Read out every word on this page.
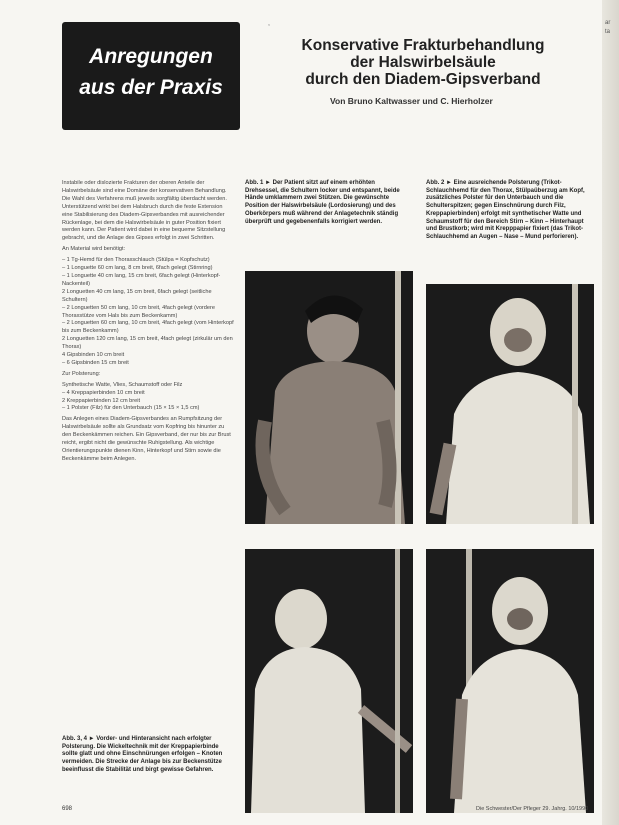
Anregungen
aus der Praxis
,
Konservative Frakturbehandlung
der Halswirbelsäule
durch den Diadem-Gipsverband
Von Bruno Kaltwasser und C. Hierholzer
ar
ta

Instabile oder dislozierte Frakturen der oberen Anteile der Halswirbelsäule sind eine Domäne der konservativen Behandlung. Die Wahl des Verfahrens muß jeweils sorgfältig überdacht werden. Unterstützend wirkt bei dem Halsbruch durch die feste Extension eine Stabilisierung des Diadem-Gipsverbandes mit ausreichender Rückenlage, bei dem die Halswirbelsäule in guter Position fixiert werden kann. Der Patient wird dabei in eine bequeme Sitzstellung gebracht, und die Anlage des Gipses erfolgt in zwei Schritten.

An Material wird benötigt:

– 1 Tg-Hemd für den Thoraxschlauch (Stülpa = Kopfschutz)
– 1 Longuette 60 cm lang, 8 cm breit, 6fach gelegt (Stirnring)
– 1 Longuette 40 cm lang, 15 cm breit, 6fach gelegt (Hinterkopf-Nackenteil)
2 Longuetten 40 cm lang, 15 cm breit, 6fach gelegt (seitliche Schultern)
– 2 Longuetten 50 cm lang, 10 cm breit, 4fach gelegt (vordere Thoraxstütze vom Hals bis zum Beckenkamm)
– 2 Longuetten 60 cm lang, 10 cm breit, 4fach gelegt (vom Hinterkopf bis zum Beckenkamm)
2 Longuetten 120 cm lang, 15 cm breit, 4fach gelegt (zirkulär um den Thorax)
4 Gipsbinden 10 cm breit
– 6 Gipsbinden 15 cm breit

Zur Polsterung:

Synthetische Watte, Vlies, Schaumstoff oder Filz
– 4 Kreppapierbinden 10 cm breit
2 Kreppapierbinden 12 cm breit
– 1 Polster (Filz) für den Unterbauch (15 × 15 × 1,5 cm)

Das Anlegen eines Diadem-Gipsverbandes an Rumpfsitzung der Halswirbelsäule sollte als Grundsatz vom Kopfring bis hinunter zu den Beckenkämmen reichen. Ein Gipsverband, der nur bis zur Brust reicht, ergibt nicht die gewünschte Ruhigstellung. Als wichtige Orientierungspunkte dienen Kinn, Hinterkopf und Stirn sowie die Beckenkämme beim Anlegen.

Abb. 1 ► Der Patient sitzt auf einem erhöhten Drehsessel, die Schultern locker und entspannt, beide Hände umklammern zwei Stützen. Die gewünschte Position der Halswirbelsäule (Lordosierung) und des Oberkörpers muß während der Anlagetechnik ständig überprüft und gegebenenfalls korrigiert werden.
Abb. 2 ► Eine ausreichende Polsterung (Trikot-Schlauchhemd für den Thorax, Stülpaüberzug am Kopf, zusätzliches Polster für den Unterbauch und die Schulterspitzen; gegen Einschnürung durch Filz, Kreppapierbinden) erfolgt mit synthetischer Watte und Schaumstoff für den Bereich Stirn – Kinn – Hinterhaupt und Brustkorb; wird mit Krepppapier fixiert (das Trikot-Schlauchhemd an Augen – Nase – Mund perforieren).
Abb. 3, 4 ► Vorder- und Hinteransicht nach erfolgter Polsterung. Die Wickeltechnik mit der Kreppapierbinde sollte glatt und ohne Einschnürungen erfolgen – Knoten vermeiden. Die Strecke der Anlage bis zur Beckenstütze beeinflusst die Stabilität und birgt gewisse Gefahren.
698	Die Schwester/Der Pfleger 29. Jahrg. 10/1990
